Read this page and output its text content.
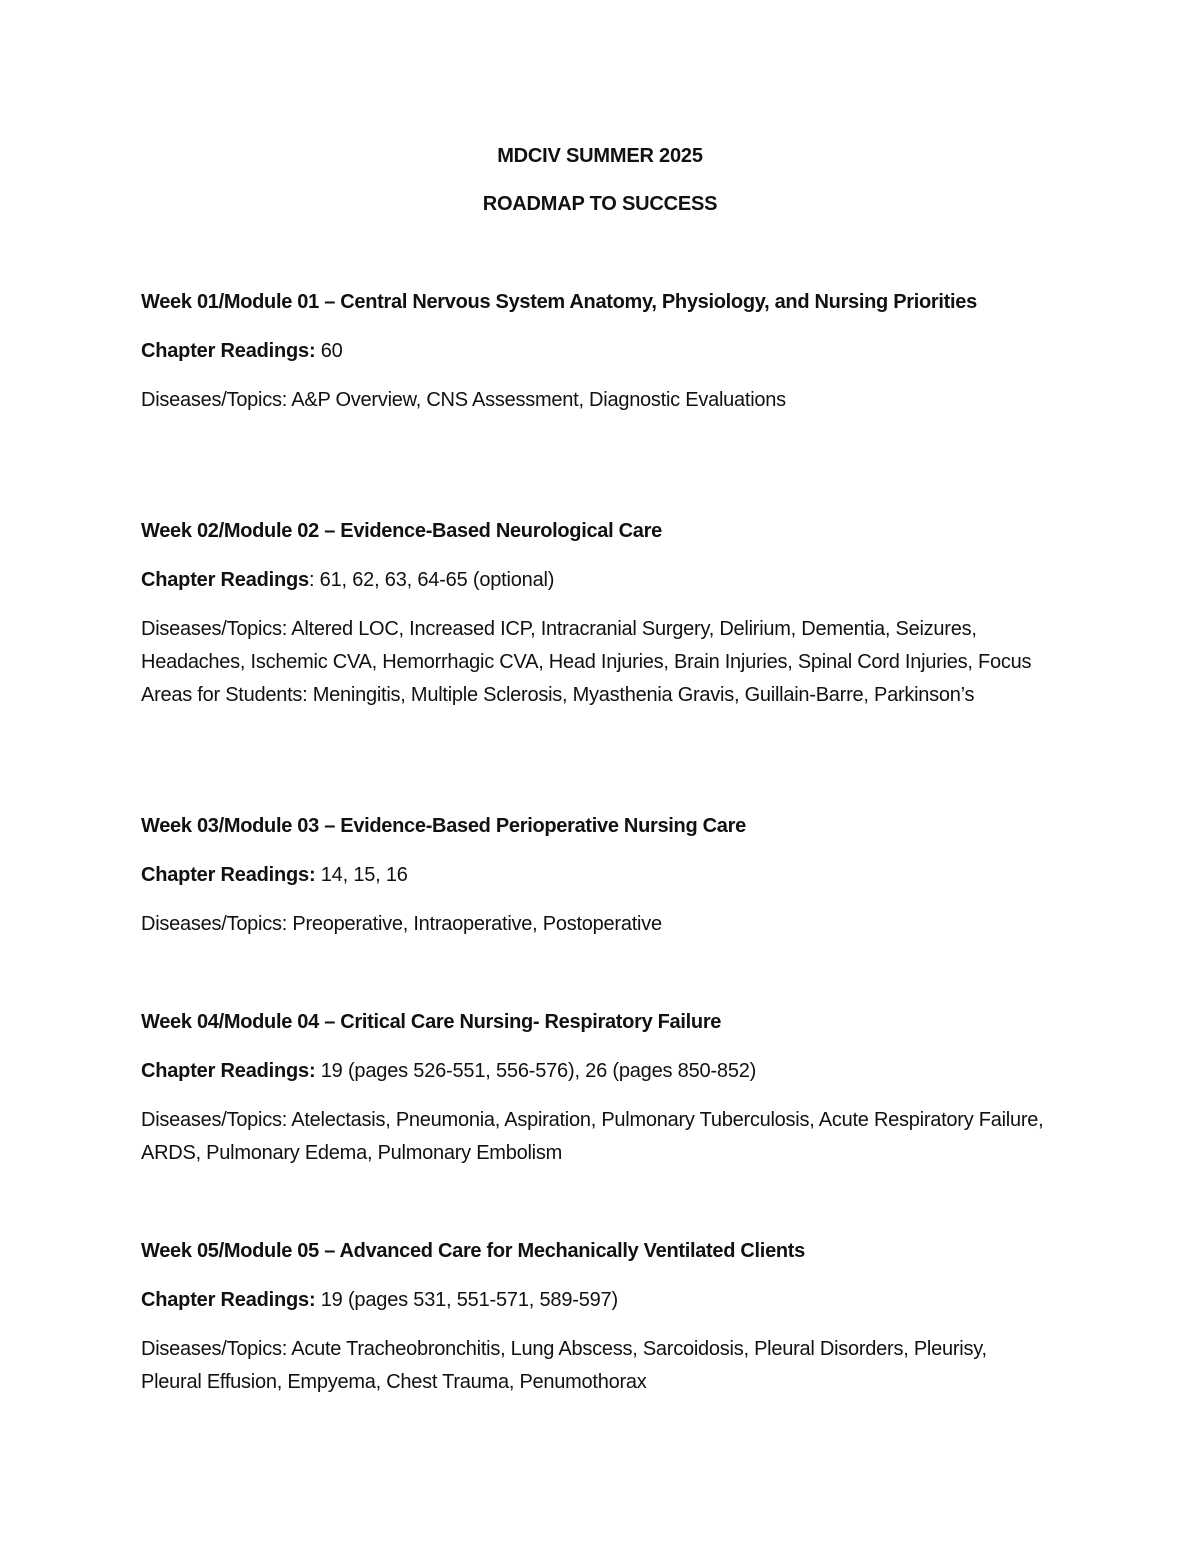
MDCIV SUMMER 2025
ROADMAP TO SUCCESS

Week 01/Module 01 – Central Nervous System Anatomy, Physiology, and Nursing Priorities

Chapter Readings: 60

Diseases/Topics: A&P Overview, CNS Assessment, Diagnostic Evaluations

Week 02/Module 02 – Evidence-Based Neurological Care

Chapter Readings: 61, 62, 63, 64-65 (optional)

Diseases/Topics: Altered LOC, Increased ICP, Intracranial Surgery, Delirium, Dementia, Seizures, Headaches, Ischemic CVA, Hemorrhagic CVA, Head Injuries, Brain Injuries, Spinal Cord Injuries, Focus Areas for Students: Meningitis, Multiple Sclerosis, Myasthenia Gravis, Guillain-Barre, Parkinson’s

Week 03/Module 03 – Evidence-Based Perioperative Nursing Care

Chapter Readings: 14, 15, 16

Diseases/Topics: Preoperative, Intraoperative, Postoperative

Week 04/Module 04 – Critical Care Nursing- Respiratory Failure

Chapter Readings: 19 (pages 526-551, 556-576), 26 (pages 850-852)

Diseases/Topics: Atelectasis, Pneumonia, Aspiration, Pulmonary Tuberculosis, Acute Respiratory Failure, ARDS, Pulmonary Edema, Pulmonary Embolism

Week 05/Module 05 – Advanced Care for Mechanically Ventilated Clients

Chapter Readings: 19 (pages 531, 551-571, 589-597)

Diseases/Topics: Acute Tracheobronchitis, Lung Abscess, Sarcoidosis, Pleural Disorders, Pleurisy, Pleural Effusion, Empyema, Chest Trauma, Penumothorax
